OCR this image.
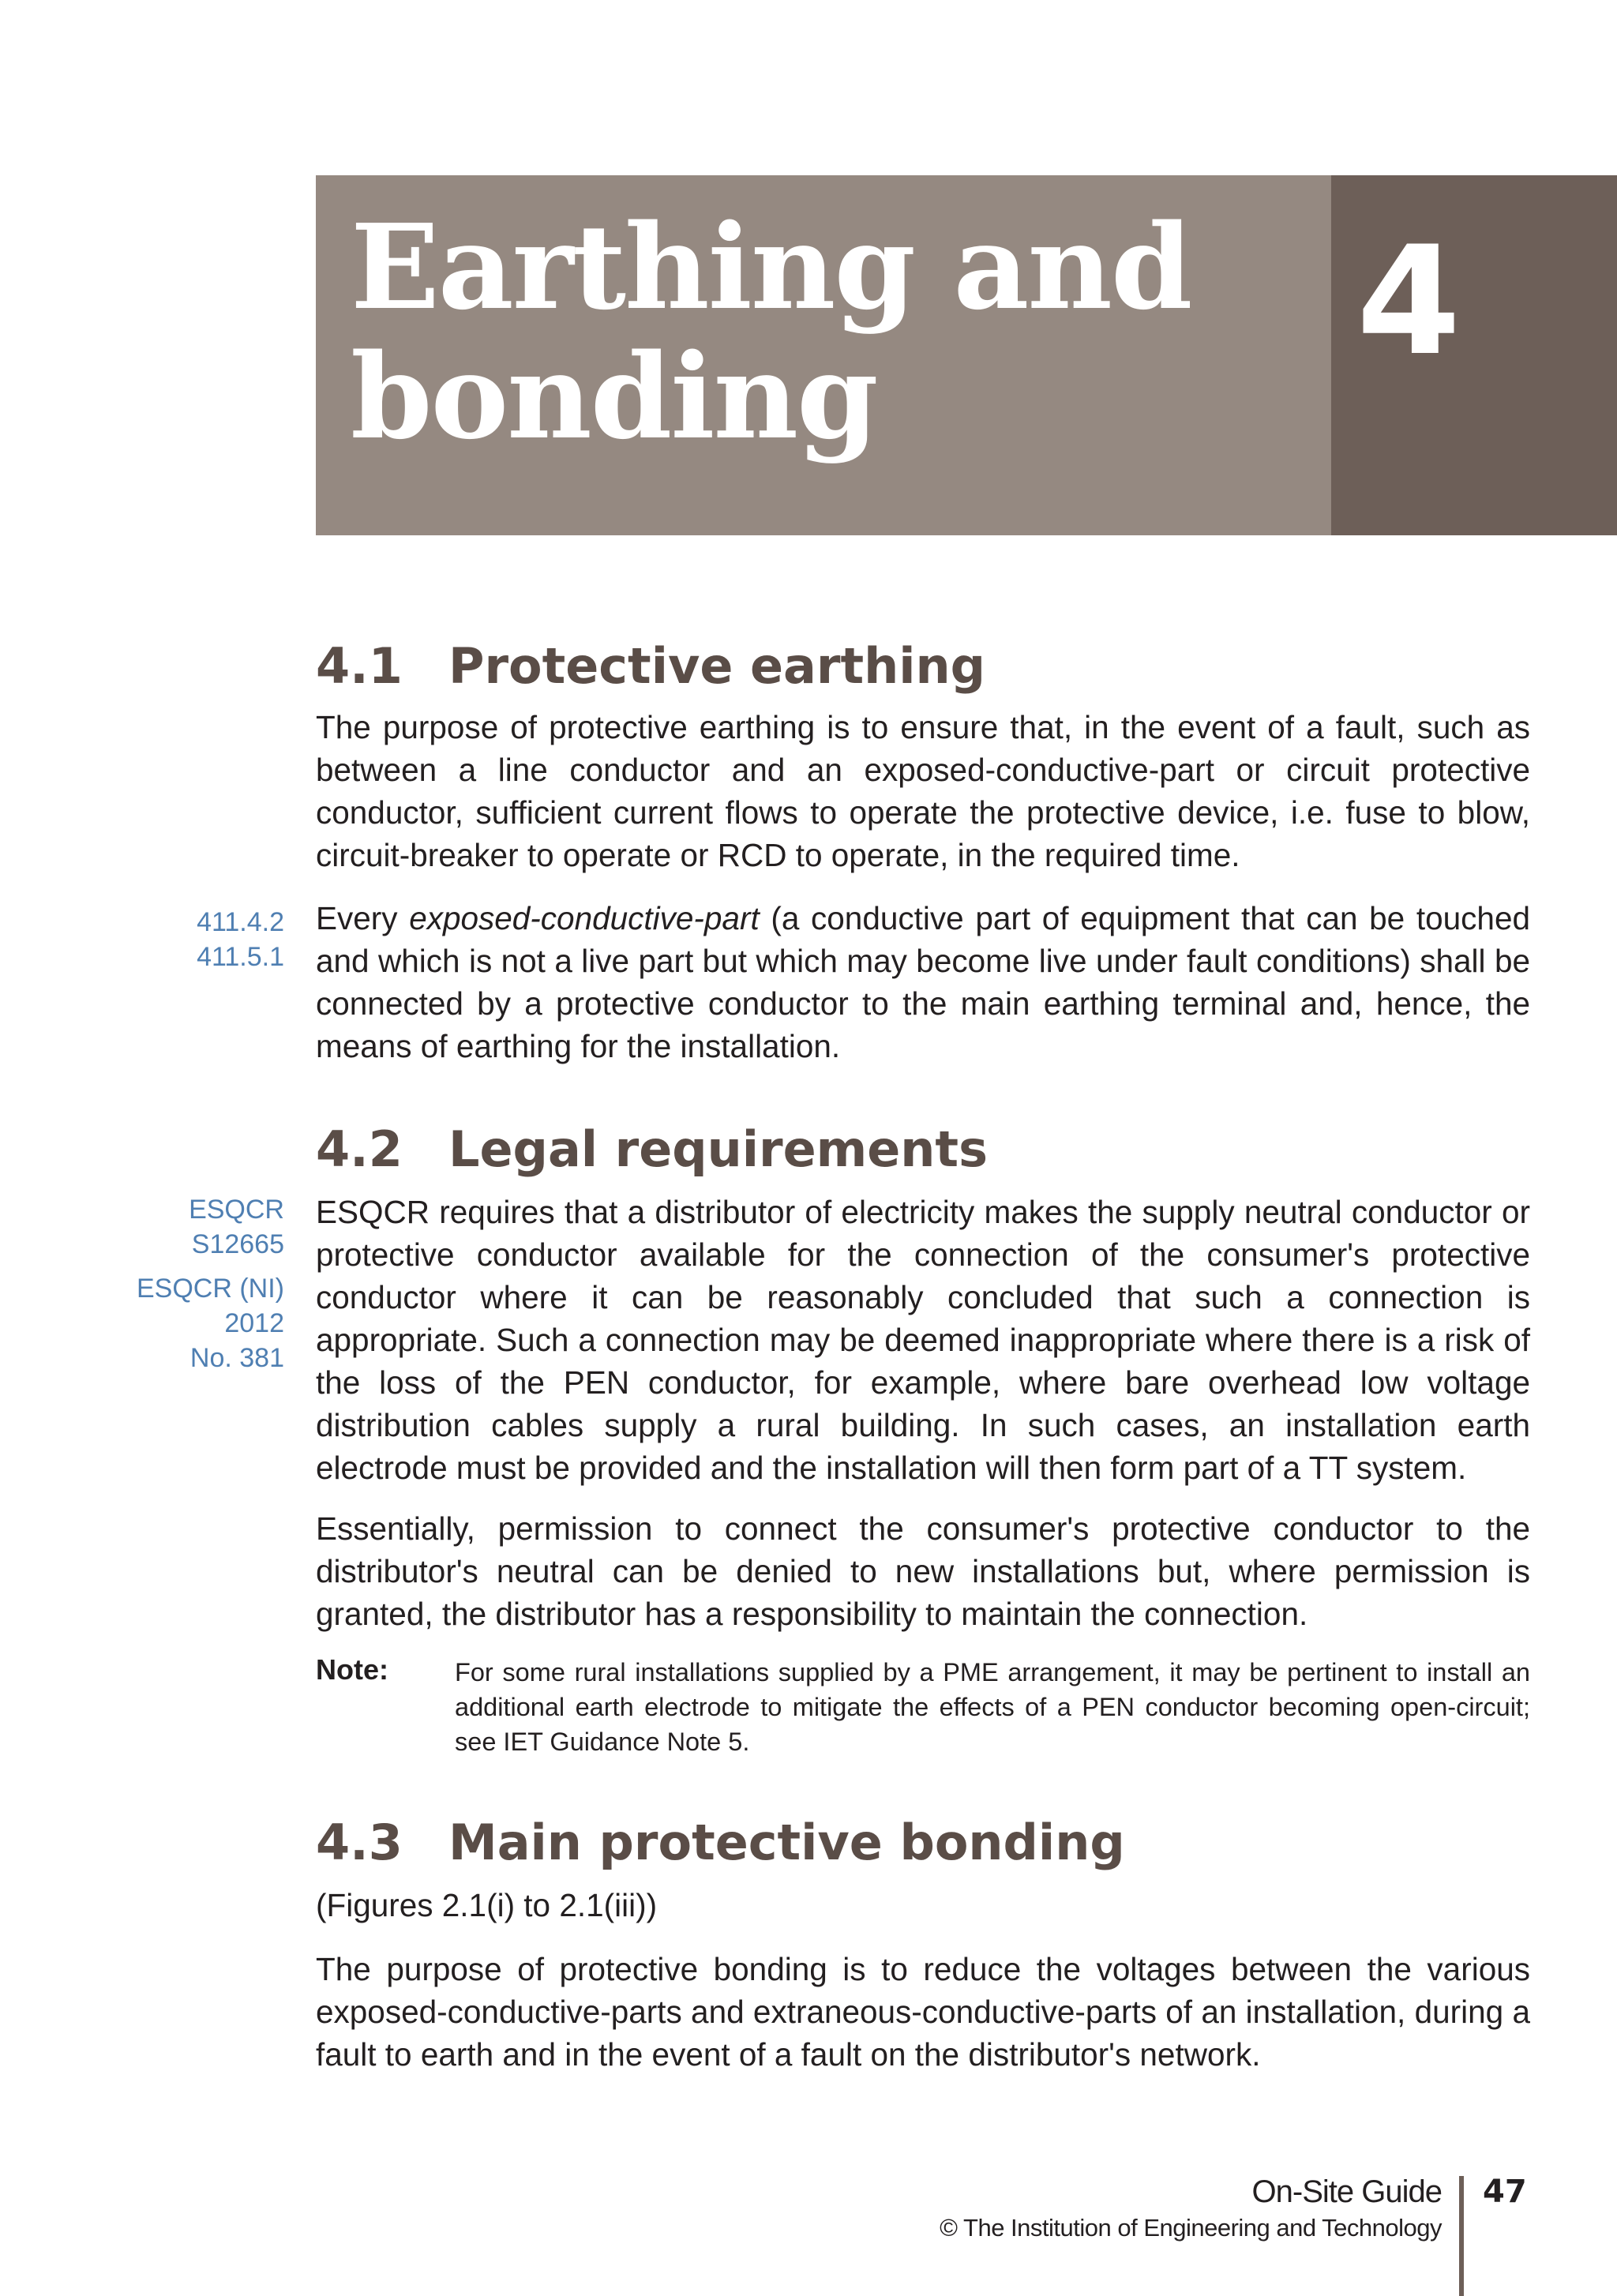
Earthing and
bonding
4
4.1 Protective earthing

The purpose of protective earthing is to ensure that, in the event of a fault, such as between a line conductor and an exposed-conductive-part or circuit protective conductor, sufficient current flows to operate the protective device, i.e. fuse to blow, circuit-breaker to operate or RCD to operate, in the required time.

411.4.2
411.5.1

Every exposed-conductive-part (a conductive part of equipment that can be touched and which is not a live part but which may become live under fault conditions) shall be connected by a protective conductor to the main earthing terminal and, hence, the means of earthing for the installation.

4.2 Legal requirements
ESQCR
S12665
ESQCR (NI)
2012
No. 381

ESQCR requires that a distributor of electricity makes the supply neutral conductor or protective conductor available for the connection of the consumer's protective conductor where it can be reasonably concluded that such a connection is appropriate. Such a connection may be deemed inappropriate where there is a risk of the loss of the PEN conductor, for example, where bare overhead low voltage distribution cables supply a rural building. In such cases, an installation earth electrode must be provided and the installation will then form part of a TT system.

Essentially, permission to connect the consumer's protective conductor to the distributor's neutral can be denied to new installations but, where permission is granted, the distributor has a responsibility to maintain the connection.

Note:	For some rural installations supplied by a PME arrangement, it may be pertinent to install an additional earth electrode to mitigate the effects of a PEN conductor becoming open-circuit; see IET Guidance Note 5.

4.3 Main protective bonding

(Figures 2.1(i) to 2.1(iii))

The purpose of protective bonding is to reduce the voltages between the various exposed-conductive-parts and extraneous-conductive-parts of an installation, during a fault to earth and in the event of a fault on the distributor's network.

On-Site Guide
© The Institution of Engineering and Technology
47
